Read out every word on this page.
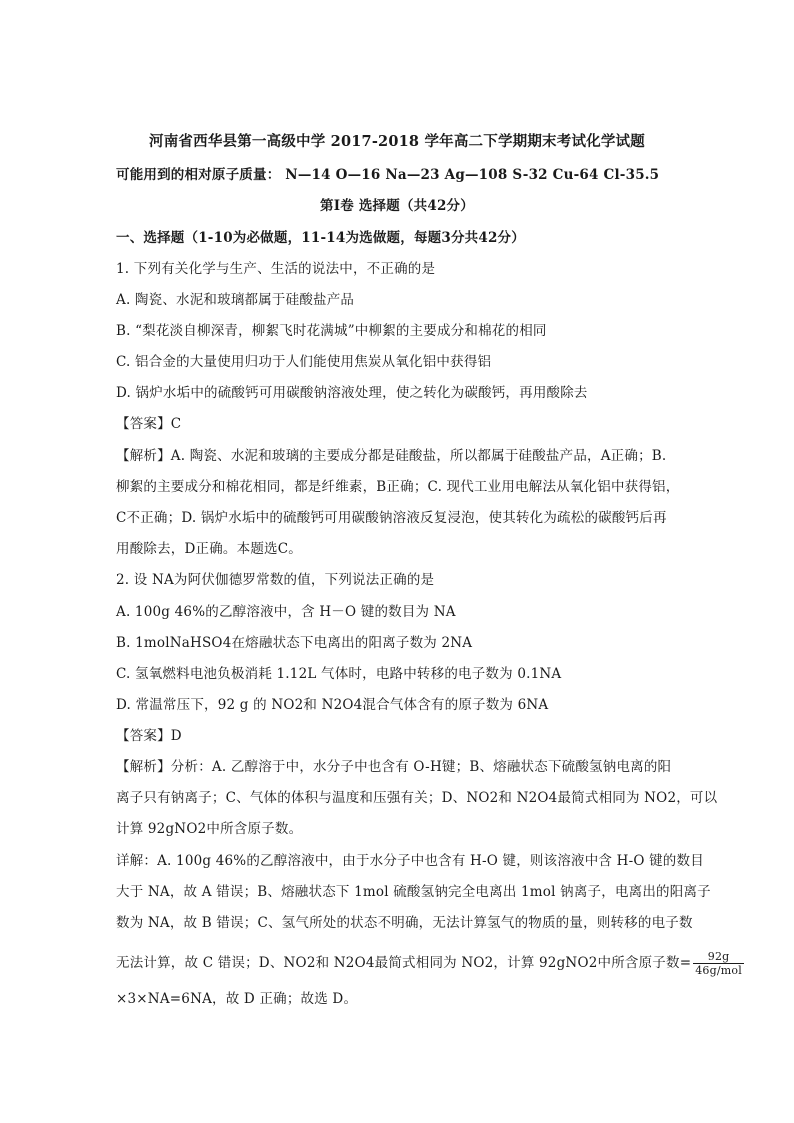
河南省西华县第一高级中学 2017-2018 学年高二下学期期末考试化学试题
可能用到的相对原子质量： N—14 O—16 Na—23 Ag—108 S-32 Cu-64 Cl-35.5
第Ⅰ卷 选择题（共42分）
一、选择题（1-10为必做题，11-14为选做题，每题3分共42分）
1. 下列有关化学与生产、生活的说法中，不正确的是
A. 陶瓷、水泥和玻璃都属于硅酸盐产品
B. “梨花淡自柳深青，柳絮飞时花满城”中柳絮的主要成分和棉花的相同
C. 铝合金的大量使用归功于人们能使用焦炭从氧化铝中获得铝
D. 锅炉水垢中的硫酸钙可用碳酸钠溶液处理，使之转化为碳酸钙，再用酸除去
【答案】C
【解析】A. 陶瓷、水泥和玻璃的主要成分都是硅酸盐，所以都属于硅酸盐产品，A正确；B.
柳絮的主要成分和棉花相同，都是纤维素，B正确；C. 现代工业用电解法从氧化铝中获得铝，
C不正确；D. 锅炉水垢中的硫酸钙可用碳酸钠溶液反复浸泡，使其转化为疏松的碳酸钙后再
用酸除去，D正确。本题选C。
2. 设 NA为阿伏伽德罗常数的值，下列说法正确的是
A. 100g 46%的乙醇溶液中，含 H－O 键的数目为 NA
B. 1molNaHSO4在熔融状态下电离出的阳离子数为 2NA
C. 氢氧燃料电池负极消耗 1.12L 气体时，电路中转移的电子数为 0.1NA
D. 常温常压下，92 g 的 NO2和 N2O4混合气体含有的原子数为 6NA
【答案】D
【解析】分析：A. 乙醇溶于中，水分子中也含有 O-H键；B、熔融状态下硫酸氢钠电离的阳
离子只有钠离子；C、气体的体积与温度和压强有关；D、NO2和 N2O4最简式相同为 NO2，可以
计算 92gNO2中所含原子数。
详解：A. 100g 46%的乙醇溶液中，由于水分子中也含有 H-O 键，则该溶液中含 H-O 键的数目
大于 NA，故 A 错误；B、熔融状态下 1mol 硫酸氢钠完全电离出 1mol 钠离子，电离出的阳离子
数为 NA，故 B 错误；C、氢气所处的状态不明确，无法计算氢气的物质的量，则转移的电子数
无法计算，故 C 错误；D、NO2和 N2O4最简式相同为 NO2，计算 92gNO2中所含原子数= $\frac{92g}{\text{46g/mol}}$
×3×NA=6NA，故 D 正确；故选 D。
